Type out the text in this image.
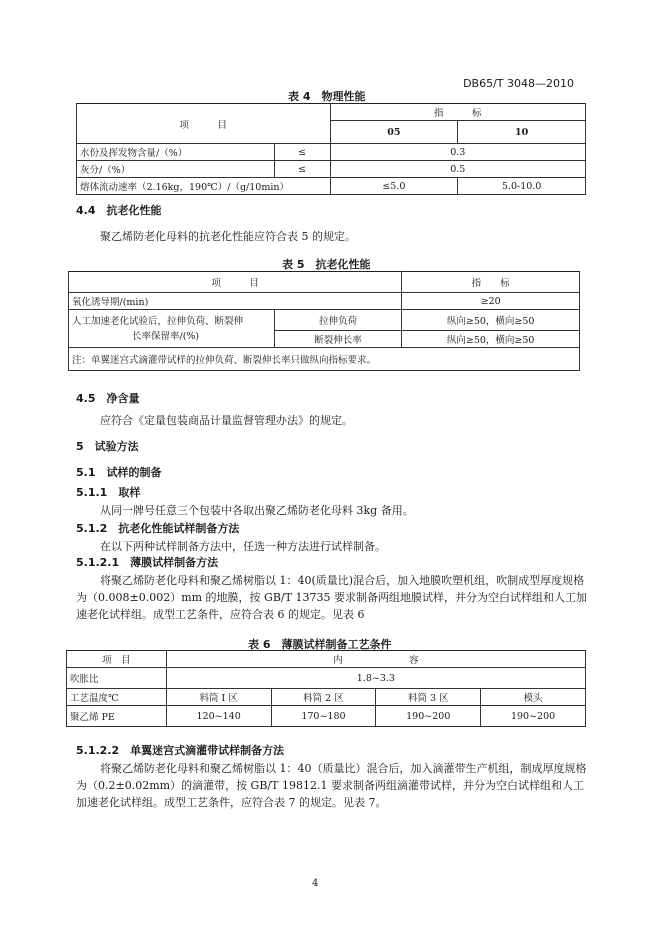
DB65/T 3048—2010
表 4　物理性能
项　　　目		指　　　标	
		05	10
水份及挥发物含量/（%）	≤	0.3	
灰分/（%）	≤	0.5	
熔体流动速率（2.16kg，190℃）/（g/10min）		≤5.0	5.0-10.0
4.4　抗老化性能
聚乙烯防老化母料的抗老化性能应符合表 5 的规定。
表 5　抗老化性能
项　　　目		指　　标
氧化诱导期/(min)		≥20

人工加速老化试验后，拉伸负荷、断裂伸
长率保留率/(%)	拉伸负荷	纵向≥50，横向≥50
	断裂伸长率	纵向≥50，横向≥50
注：单翼迷宫式滴灌带试样的拉伸负荷、断裂伸长率只做纵向指标要求。		
4.5　净含量
应符合《定量包装商品计量监督管理办法》的规定。
5　试验方法
5.1　试样的制备
5.1.1　取样
从同一牌号任意三个包装中各取出聚乙烯防老化母料 3kg 备用。
5.1.2　抗老化性能试样制备方法
在以下两种试样制备方法中，任选一种方法进行试样制备。
5.1.2.1　薄膜试样制备方法
将聚乙烯防老化母料和聚乙烯树脂以 1：40(质量比)混合后，加入地膜吹塑机组，吹制成型厚度规格为（0.008±0.002）mm 的地膜，按 GB/T 13735 要求制备两组地膜试样，并分为空白试样组和人工加速老化试样组。成型工艺条件，应符合表 6 的规定。见表 6
表 6　薄膜试样制备工艺条件
项　目	内　　　　　　　容			
吹胀比	1.8~3.3			
工艺温度℃	料筒 I 区	料筒 2 区	料筒 3 区	模头
聚乙烯 PE	120~140	170~180	190~200	190~200
5.1.2.2　单翼迷宫式滴灌带试样制备方法
将聚乙烯防老化母料和聚乙烯树脂以 1：40（质量比）混合后，加入滴灌带生产机组，制成厚度规格为（0.2±0.02mm）的滴灌带，按 GB/T 19812.1 要求制备两组滴灌带试样，并分为空白试样组和人工加速老化试样组。成型工艺条件，应符合表 7 的规定。见表 7。
4
